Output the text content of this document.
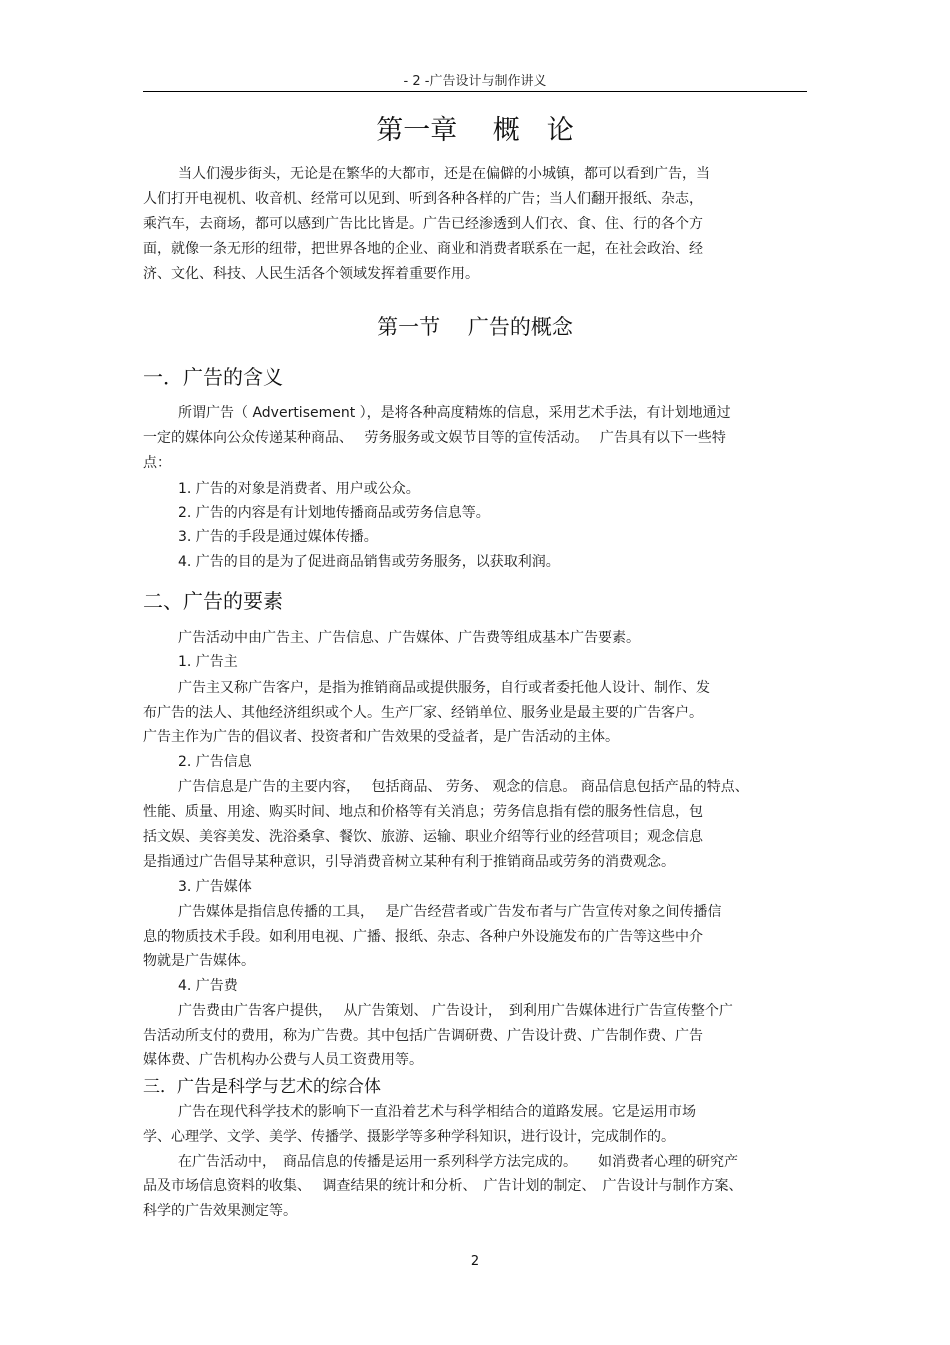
- 2 -广告设计与制作讲义
第一章　 概　论
当人们漫步街头，无论是在繁华的大都市，还是在偏僻的小城镇，都可以看到广告，当
人们打开电视机、收音机、经常可以见到、听到各种各样的广告；当人们翻开报纸、杂志，
乘汽车，去商场，都可以感到广告比比皆是。广告已经渗透到人们衣、食、住、行的各个方
面，就像一条无形的纽带，把世界各地的企业、商业和消费者联系在一起，在社会政治、经
济、文化、科技、人民生活各个领域发挥着重要作用。
第一节　 广告的概念
一．广告的含义
所谓广告（ Advertisement ），是将各种高度精炼的信息，采用艺术手法，有计划地通过
一定的媒体向公众传递某种商品、　 劳务服务或文娱节目等的宣传活动。　 广告具有以下一些特
点：
1. 广告的对象是消费者、用户或公众。
2. 广告的内容是有计划地传播商品或劳务信息等。
3. 广告的手段是通过媒体传播。
4. 广告的目的是为了促进商品销售或劳务服务，以获取利润。
二、广告的要素
广告活动中由广告主、广告信息、广告媒体、广告费等组成基本广告要素。
1. 广告主
广告主又称广告客户，是指为推销商品或提供服务，自行或者委托他人设计、制作、发
布广告的法人、其他经济组织或个人。生产厂家、经销单位、服务业是最主要的广告客户。
广告主作为广告的倡议者、投资者和广告效果的受益者，是广告活动的主体。
2. 广告信息
广告信息是广告的主要内容，　 包括商品、 劳务、 观念的信息。 商品信息包括产品的特点、
性能、质量、用途、购买时间、地点和价格等有关消息；劳务信息指有偿的服务性信息，包
括文娱、美容美发、洗浴桑拿、餐饮、旅游、运输、职业介绍等行业的经营项目；观念信息
是指通过广告倡导某种意识，引导消费音树立某种有利于推销商品或劳务的消费观念。
3. 广告媒体
广告媒体是指信息传播的工具，　 是广告经营者或广告发布者与广告宣传对象之间传播信
息的物质技术手段。如利用电视、广播、报纸、杂志、各种户外设施发布的广告等这些中介
物就是广告媒体。
4. 广告费
广告费由广告客户提供，　 从广告策划、 广告设计，　到利用广告媒体进行广告宣传整个广
告活动所支付的费用，称为广告费。其中包括广告调研费、广告设计费、广告制作费、广告
媒体费、广告机构办公费与人员工资费用等。
三．广告是科学与艺术的综合体
广告在现代科学技术的影响下一直沿着艺术与科学相结合的道路发展。它是运用市场
学、心理学、文学、美学、传播学、摄影学等多种学科知识，进行设计，完成制作的。
在广告活动中，　商品信息的传播是运用一系列科学方法完成的。　　如消费者心理的研究产
品及市场信息资料的收集、　 调查结果的统计和分析、　广告计划的制定、　广告设计与制作方案、
科学的广告效果测定等。
2
